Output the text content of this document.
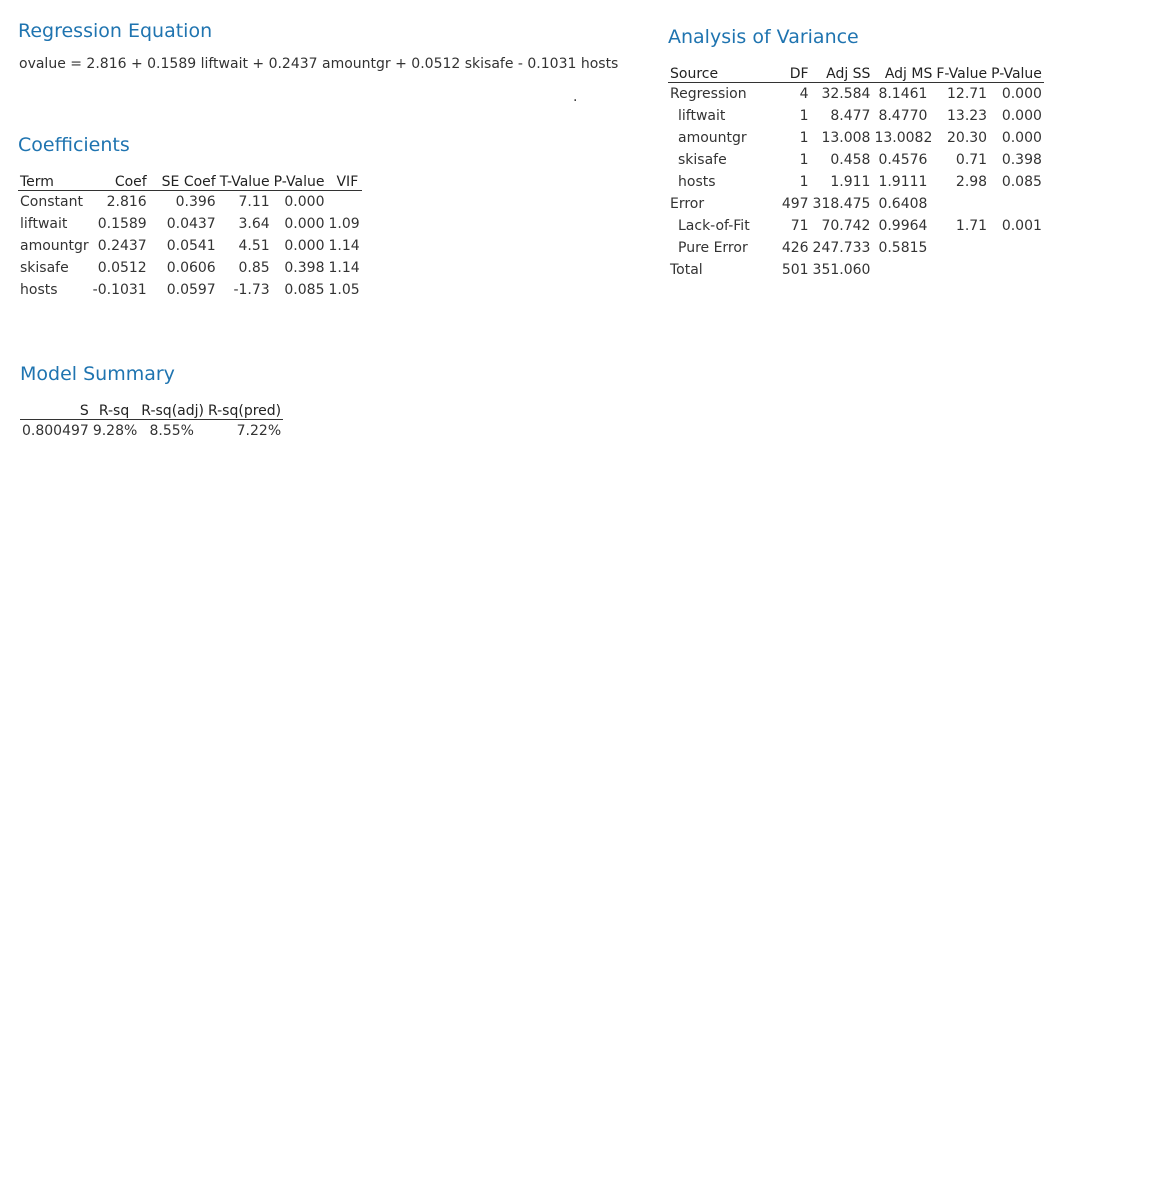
Regression Equation
ovalue = 2.816 + 0.1589 liftwait + 0.2437 amountgr + 0.0512 skisafe - 0.1031 hosts
.
Coefficients
Term	Coef	SE Coef	T-Value	P-Value	VIF
Constant	2.816	0.396	7.11	0.000	
liftwait	0.1589	0.0437	3.64	0.000	1.09
amountgr	0.2437	0.0541	4.51	0.000	1.14
skisafe	0.0512	0.0606	0.85	0.398	1.14
hosts	-0.1031	0.0597	-1.73	0.085	1.05
Model Summary
S	R-sq	R-sq(adj)	R-sq(pred)
0.800497	9.28%	8.55%	7.22%
Analysis of Variance
Source	DF	Adj SS	Adj MS	F-Value	P-Value
Regression	4	32.584	8.1461	12.71	0.000
liftwait	1	8.477	8.4770	13.23	0.000
amountgr	1	13.008	13.0082	20.30	0.000
skisafe	1	0.458	0.4576	0.71	0.398
hosts	1	1.911	1.9111	2.98	0.085
Error	497	318.475	0.6408		
Lack-of-Fit	71	70.742	0.9964	1.71	0.001
Pure Error	426	247.733	0.5815		
Total	501	351.060			
